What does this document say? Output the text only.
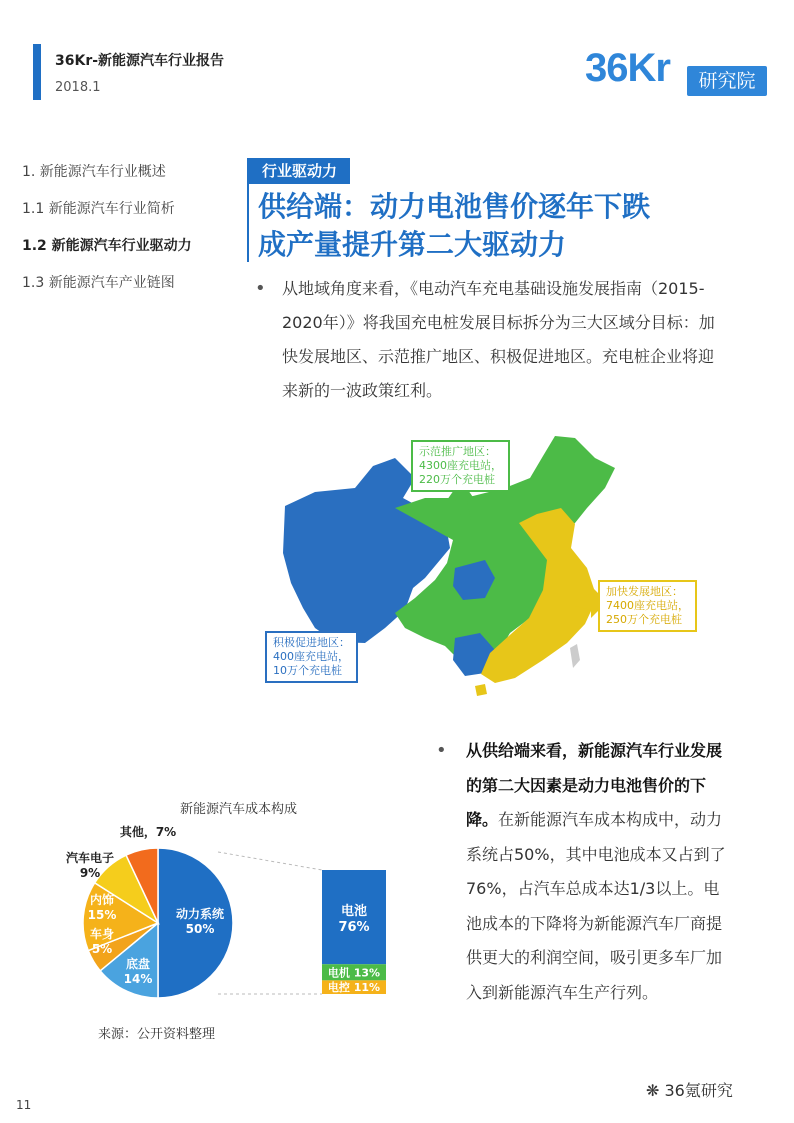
36Kr-新能源汽车行业报告
2018.1	36Kr	研究院
1. 新能源汽车行业概述
1.1 新能源汽车行业简析
1.2 新能源汽车行业驱动力
1.3 新能源汽车产业链图
行业驱动力
供给端：动力电池售价逐年下跌
成产量提升第二大驱动力
• 从地域角度来看，《电动汽车充电基础设施发展指南（2015-2020年）》将我国充电桩发展目标拆分为三大区域分目标：加快发展地区、示范推广地区、积极促进地区。充电桩企业将迎来新的一波政策红利。
示范推广地区：
4300座充电站，
220万个充电桩
加快发展地区：
7400座充电站，
250万个充电桩
积极促进地区：
400座充电站，
10万个充电桩
• 从供给端来看，新能源汽车行业发展的第二大因素是动力电池售价的下降。在新能源汽车成本构成中，动力系统占50%，其中电池成本又占到了76%，占汽车总成本达1/3以上。电池成本的下降将为新能源汽车厂商提供更大的利润空间，吸引更多车厂加入到新能源汽车生产行列。
新能源汽车成本构成
动力系统
50%
底盘
14%
车身
5%
内饰
15%
汽车电子
9%
其他，7%
电池
76%
电机 13%
电控 11%
来源：公开资料整理
11
❋ 36氪研究
